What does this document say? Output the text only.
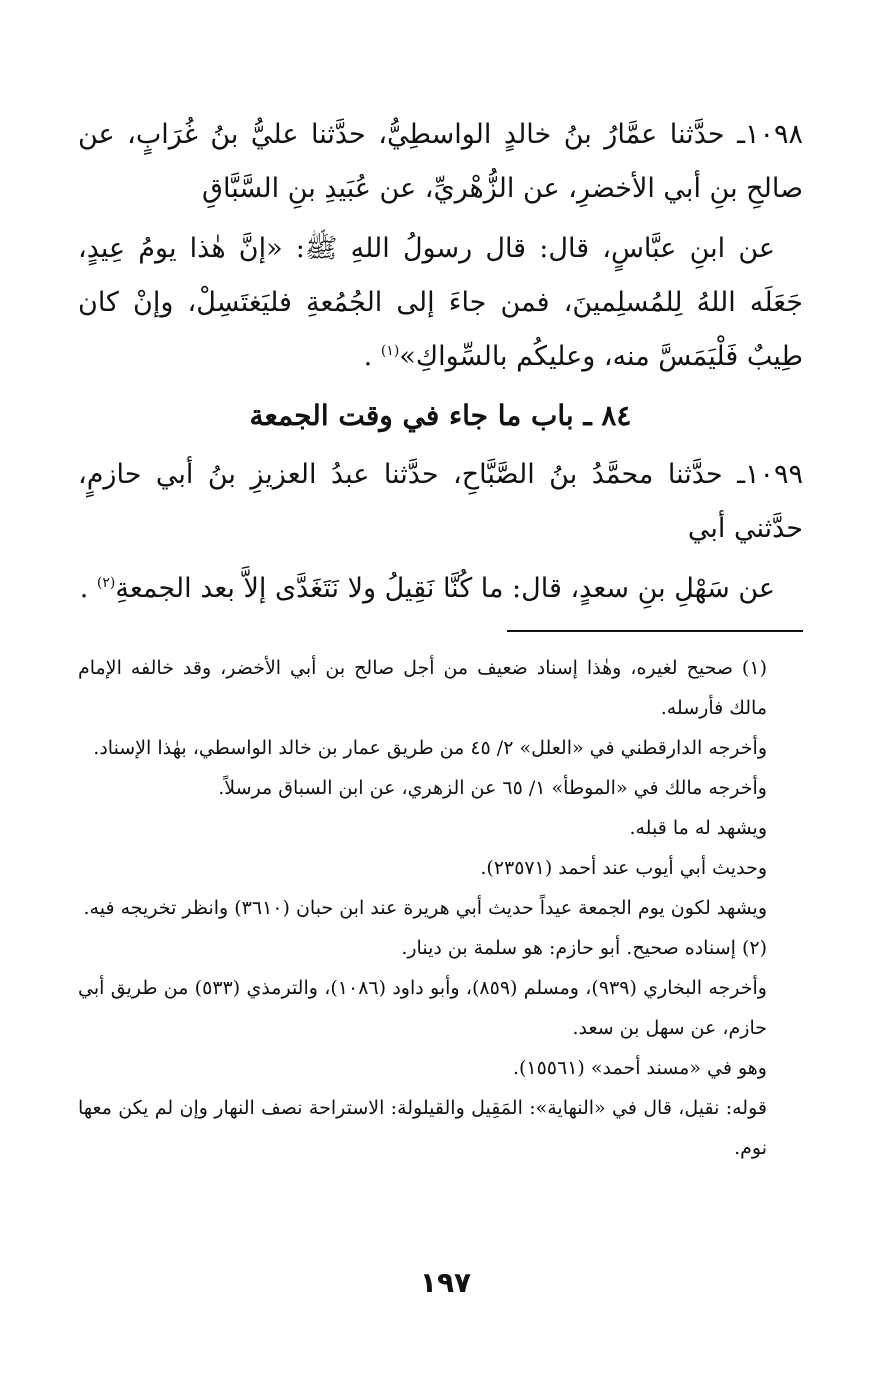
١٠٩٨ـ حدَّثنا عمَّارُ بنُ خالدٍ الواسطِيُّ، حدَّثنا عليُّ بنُ غُرَابٍ، عن صالحِ بنِ أبي الأخضرِ، عن الزُّهْريِّ، عن عُبَيدِ بنِ السَّبَّاقِ

عن ابنِ عبَّاسٍ، قال: قال رسولُ اللهِ ﷺ: «إنَّ هٰذا يومُ عِيدٍ، جَعَلَه اللهُ لِلمُسلِمينَ، فمن جاءَ إلى الجُمُعةِ فليَغتَسِلْ، وإنْ كان طِيبٌ فَلْيَمَسَّ منه، وعليكُم بالسِّواكِ»$^{(١)}$ .

٨٤ ـ باب ما جاء في وقت الجمعة

١٠٩٩ـ حدَّثنا محمَّدُ بنُ الصَّبَّاحِ، حدَّثنا عبدُ العزيزِ بنُ أبي حازمٍ، حدَّثني أبي

عن سَهْلِ بنِ سعدٍ، قال: ما كُنَّا نَقِيلُ ولا نَتَغَدَّى إلاَّ بعد الجمعةِ$^{(٢)}$ .

(١) صحيح لغيره، وهٰذا إسناد ضعيف من أجل صالح بن أبي الأخضر، وقد خالفه الإمام مالك فأرسله.

وأخرجه الدارقطني في «العلل» ٢/ ٤٥ من طريق عمار بن خالد الواسطي، بهٰذا الإسناد.

وأخرجه مالك في «الموطأ» ١/ ٦٥ عن الزهري، عن ابن السباق مرسلاً.

ويشهد له ما قبله.

وحديث أبي أيوب عند أحمد (٢٣٥٧١).

ويشهد لكون يوم الجمعة عيداً حديث أبي هريرة عند ابن حبان (٣٦١٠) وانظر تخريجه فيه.

(٢) إسناده صحيح. أبو حازم: هو سلمة بن دينار.

وأخرجه البخاري (٩٣٩)، ومسلم (٨٥٩)، وأبو داود (١٠٨٦)، والترمذي (٥٣٣) من طريق أبي حازم، عن سهل بن سعد.

وهو في «مسند أحمد» (١٥٥٦١).

قوله: نقيل، قال في «النهاية»: المَقِيل والقيلولة: الاستراحة نصف النهار وإن لم يكن معها نوم.

١٩٧
